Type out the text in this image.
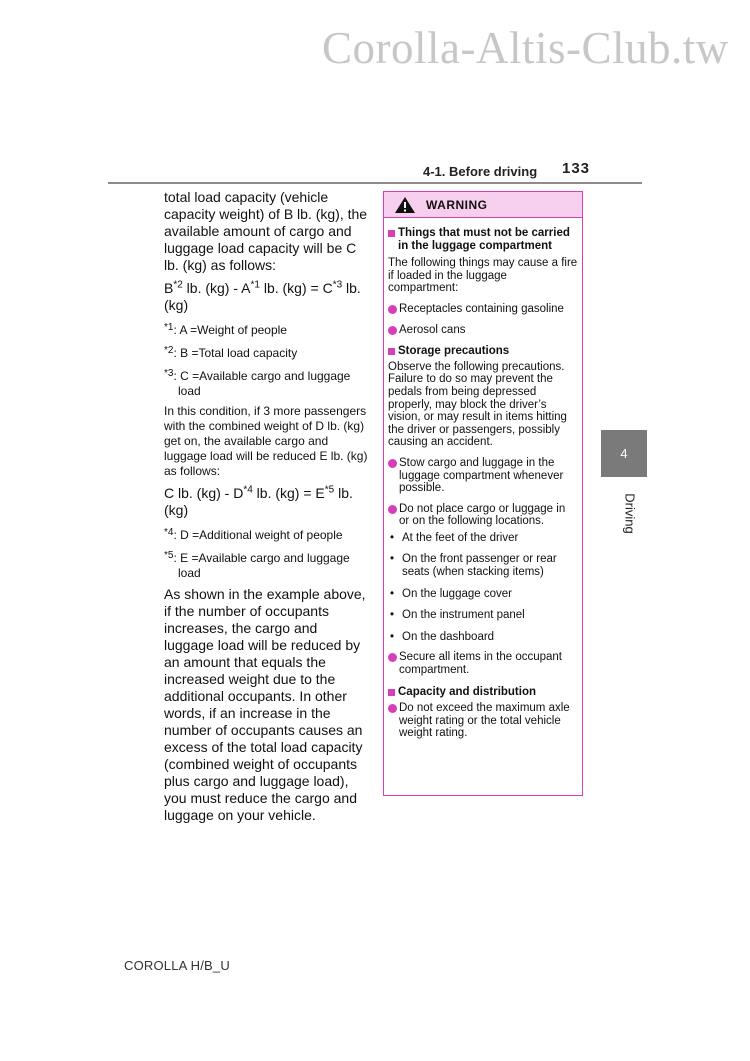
Corolla-Altis-Club.tw
4-1. Before driving 133

total load capacity (vehicle capacity weight) of B lb. (kg), the available amount of cargo and luggage load capacity will be C lb. (kg) as follows:

$B^{*2}$ lb. $(kg) - A^{*1}$ lb. $(kg) = C^{*3}$ lb. (kg)

$^{*1}$: A =Weight of people

$^{*2}$: B =Total load capacity

$^{*3}$: C =Available cargo and luggage
load

In this condition, if 3 more passengers with the combined weight of D lb. (kg) get on, the available cargo and luggage load will be reduced E lb. (kg) as follows:

C lb. $(kg) - D^{*4}$ lb. $(kg) = E^{*5}$ lb. (kg)

$^{*4}$: D =Additional weight of people

$^{*5}$: E =Available cargo and luggage
load

As shown in the example above, if the number of occupants increases, the cargo and luggage load will be reduced by an amount that equals the increased weight due to the additional occupants. In other words, if an increase in the number of occupants causes an excess of the total load capacity (combined weight of occupants plus cargo and luggage load), you must reduce the cargo and luggage on your vehicle.

WARNING
Things that must not be carried in the luggage compartment

The following things may cause a fire if loaded in the luggage compartment:

Receptacles containing gasoline
Aerosol cans
Storage precautions

Observe the following precautions. Failure to do so may prevent the pedals from being depressed properly, may block the driver’s vision, or may result in items hitting the driver or passengers, possibly causing an accident.

Stow cargo and luggage in the luggage compartment whenever possible.
Do not place cargo or luggage in or on the following locations.
• At the feet of the driver
• On the front passenger or rear seats (when stacking items)
• On the luggage cover
• On the instrument panel
• On the dashboard
Secure all items in the occupant compartment.
Capacity and distribution
Do not exceed the maximum axle weight rating or the total vehicle weight rating.
4
Driving
COROLLA H/B_U
